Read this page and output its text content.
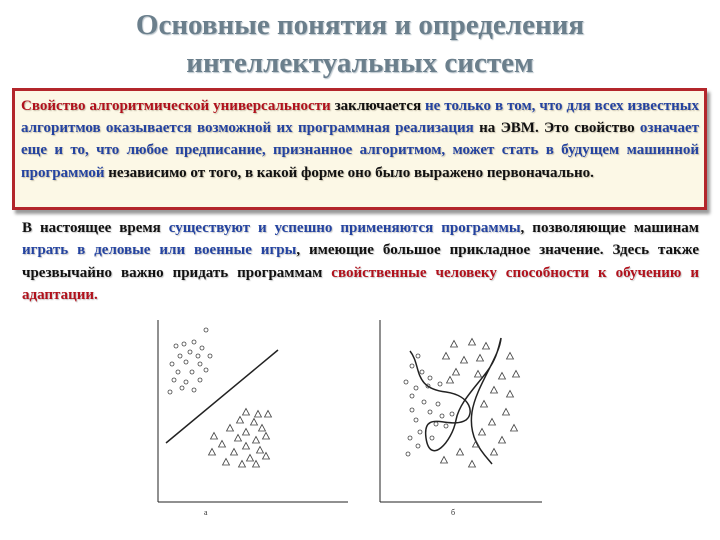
Основные понятия и определения
интеллектуальных систем
Свойство алгоритмической универсальности заключается не только в том, что для всех известных алгоритмов оказывается возможной их программная реализация на ЭВМ. Это свойство означает еще и то, что любое предписание, признанное алгоритмом, может стать в будущем машинной программой независимо от того, в какой форме оно было выражено первоначально.
В настоящее время существуют и успешно применяются программы, позволяющие машинам играть в деловые или военные игры, имеющие большое прикладное значение. Здесь также чрезвычайно важно придать программам свойственные человеку способности к обучению и адаптации.
а	б
